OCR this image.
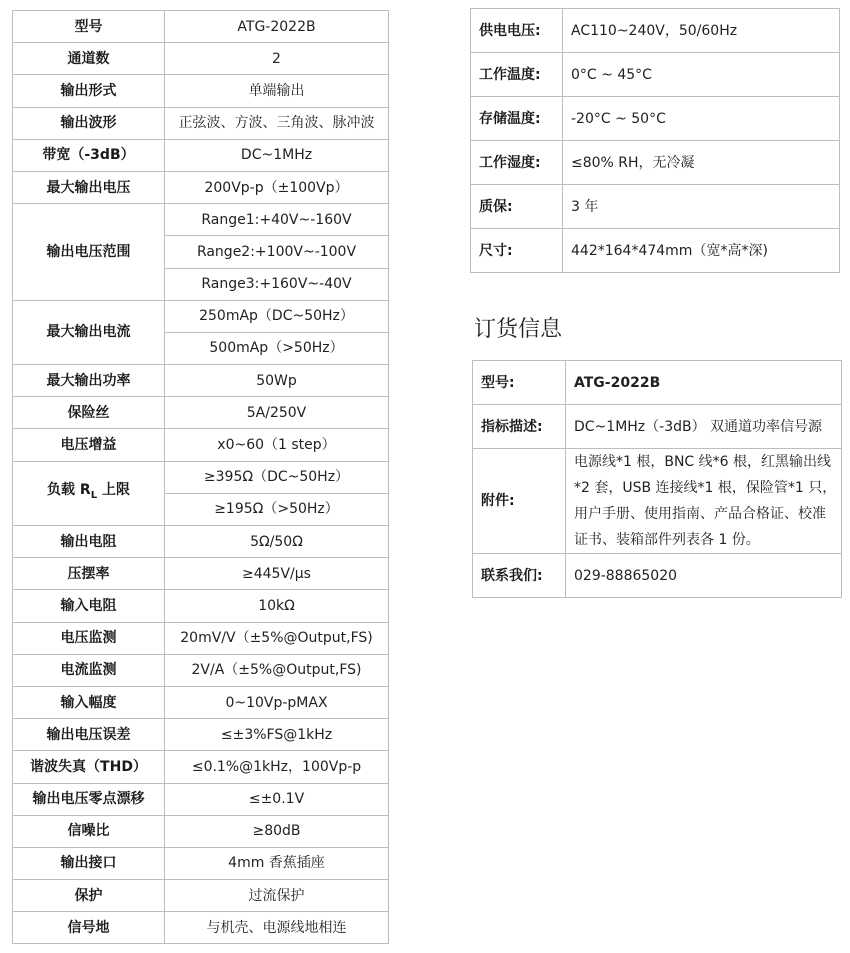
型号	ATG-2022B
通道数	2
输出形式	单端输出
输出波形	正弦波、方波、三角波、脉冲波
带宽（-3dB）	DC~1MHz
最大输出电压	200Vp-p（±100Vp）
输出电压范围	Range1:+40V~-160V
	Range2:+100V~-100V
	Range3:+160V~-40V
最大输出电流	250mAp（DC~50Hz）
	500mAp（>50Hz）
最大输出功率	50Wp
保险丝	5A/250V
电压增益	x0~60（1 step）
负载 $R_L$ 上限	≥395Ω（DC~50Hz）
	≥195Ω（>50Hz）
输出电阻	5Ω/50Ω
压摆率	≥445V/μs
输入电阻	10kΩ
电压监测	20mV/V（±5%@Output,FS)
电流监测	2V/A（±5%@Output,FS)
输入幅度	0~10Vp-pMAX
输出电压误差	≤±3%FS@1kHz
谐波失真（THD）	≤0.1%@1kHz，100Vp-p
输出电压零点漂移	≤±0.1V
信噪比	≥80dB
输出接口	4mm 香蕉插座
保护	过流保护
信号地	与机壳、电源线地相连
供电电压:	AC110~240V，50/60Hz
工作温度:	0°C ~ 45°C
存储温度:	-20°C ~ 50°C
工作湿度:	≤80% RH，无冷凝
质保:	3 年
尺寸:	442*164*474mm（宽*高*深)
订货信息
型号:	ATG-2022B
指标描述:	DC~1MHz（-3dB） 双通道功率信号源
附件:	电源线*1 根，BNC 线*6 根，红黑输出线*2 套，USB 连接线*1 根，保险管*1 只，用户手册、使用指南、产品合格证、校准证书、装箱部件列表各 1 份。
联系我们:	029-88865020
